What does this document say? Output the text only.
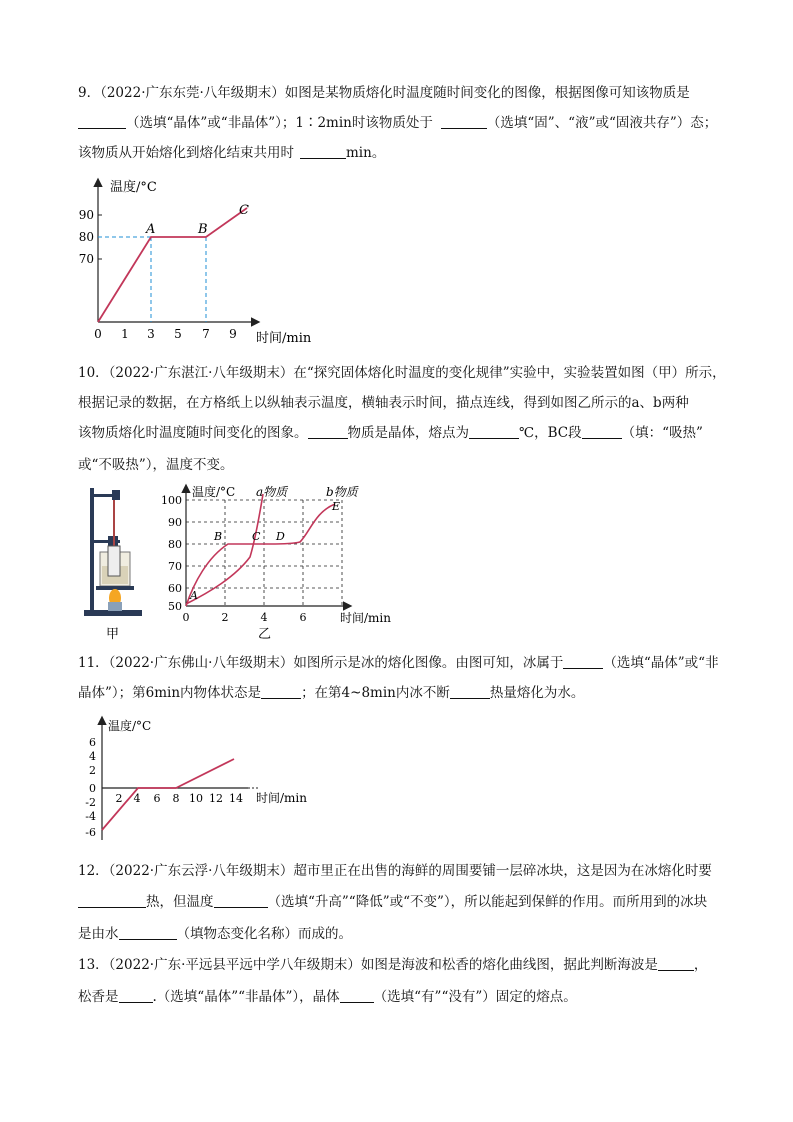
9．（2022·广东东莞·八年级期末）如图是某物质熔化时温度随时间变化的图像，根据图像可知该物质是
（选填“晶体”或“非晶体”）；1∶2min时该物质处于	（选填“固”、“液”或“固液共存”）态；
该物质从开始熔化到熔化结束共用时	min。
温度/°C
时间/min
90
80
70
0 1 3 5 7 9
A	B
C
10．（2022·广东湛江·八年级期末）在“探究固体熔化时温度的变化规律”实验中，实验装置如图（甲）所示，
根据记录的数据，在方格纸上以纵轴表示温度，横轴表示时间，描点连线，得到如图乙所示的a、b两种
该物质熔化时温度随时间变化的图象。	物质是晶体，熔点为	℃，BC段	（填：“吸热”
或“不吸热”），温度不变。
甲
温度/°C a物质	b物质
时间/min
100
90
80
70
60
50
0	2	4	6
A
B	C D
E
乙
11．（2022·广东佛山·八年级期末）如图所示是冰的熔化图像。由图可知，冰属于	（选填“晶体”或“非
晶体”）；第6min内物体状态是	；在第4~8min内冰不断	热量熔化为水。
温度/°C
时间/min
6
4
2
0
-2
-4
-6
2 4 6 8 10 12 14
12．（2022·广东云浮·八年级期末）超市里正在出售的海鲜的周围要铺一层碎冰块，这是因为在冰熔化时要
热，但温度	（选填“升高”“降低”或“不变”），所以能起到保鲜的作用。而所用到的冰块
是由水	（填物态变化名称）而成的。
13．（2022·广东·平远县平远中学八年级期末）如图是海波和松香的熔化曲线图，据此判断海波是	，
松香是	.（选填“晶体”“非晶体”），晶体	（选填“有”“没有”）固定的熔点。
